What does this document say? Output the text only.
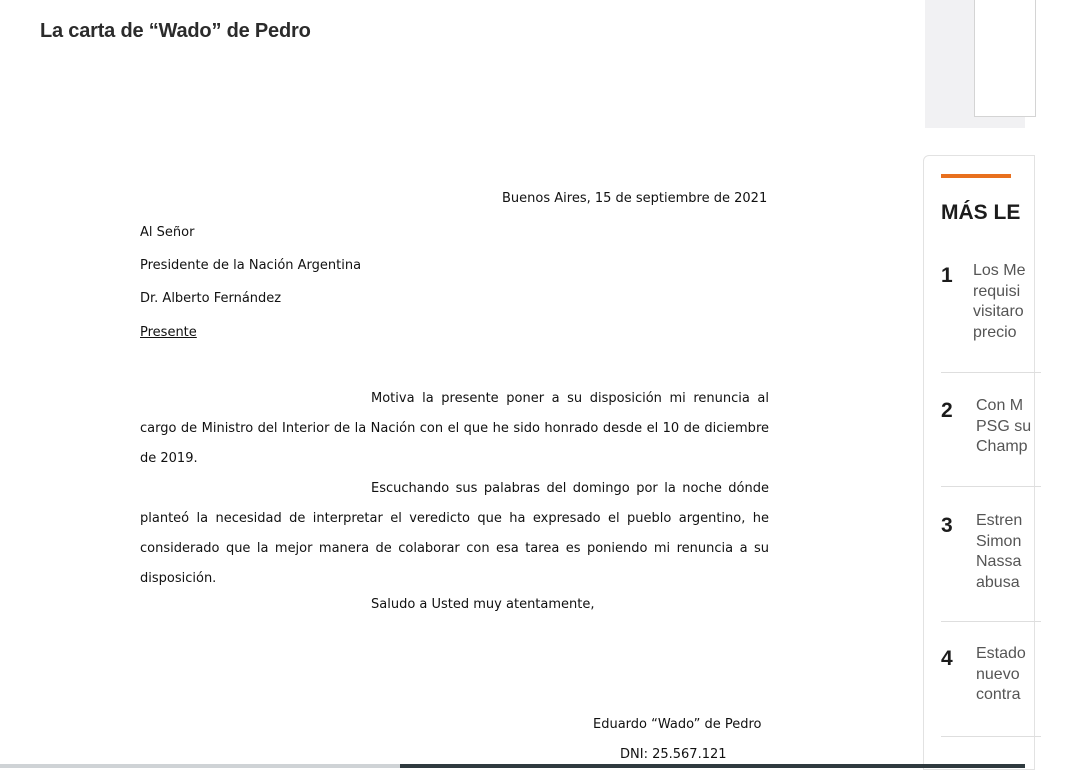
La carta de “Wado” de Pedro
Buenos Aires, 15 de septiembre de 2021
Al Señor
Presidente de la Nación Argentina
Dr. Alberto Fernández
Presente
Motiva la presente poner a su disposición mi renuncia al cargo de Ministro del Interior de la Nación con el que he sido honrado desde el 10 de diciembre de 2019.
Escuchando sus palabras del domingo por la noche dónde planteó la necesidad de interpretar el veredicto que ha expresado el pueblo argentino, he considerado que la mejor manera de colaborar con esa tarea es poniendo mi renuncia a su disposición.
Saludo a Usted muy atentamente,
Eduardo “Wado” de Pedro
DNI: 25.567.121
MÁS LE
1 Los Me
requisi
visitaro
precio
2 Con M
PSG su
Champ
3 Estren
Simon
Nassa
abusa
4 Estado
nuevo
contra
